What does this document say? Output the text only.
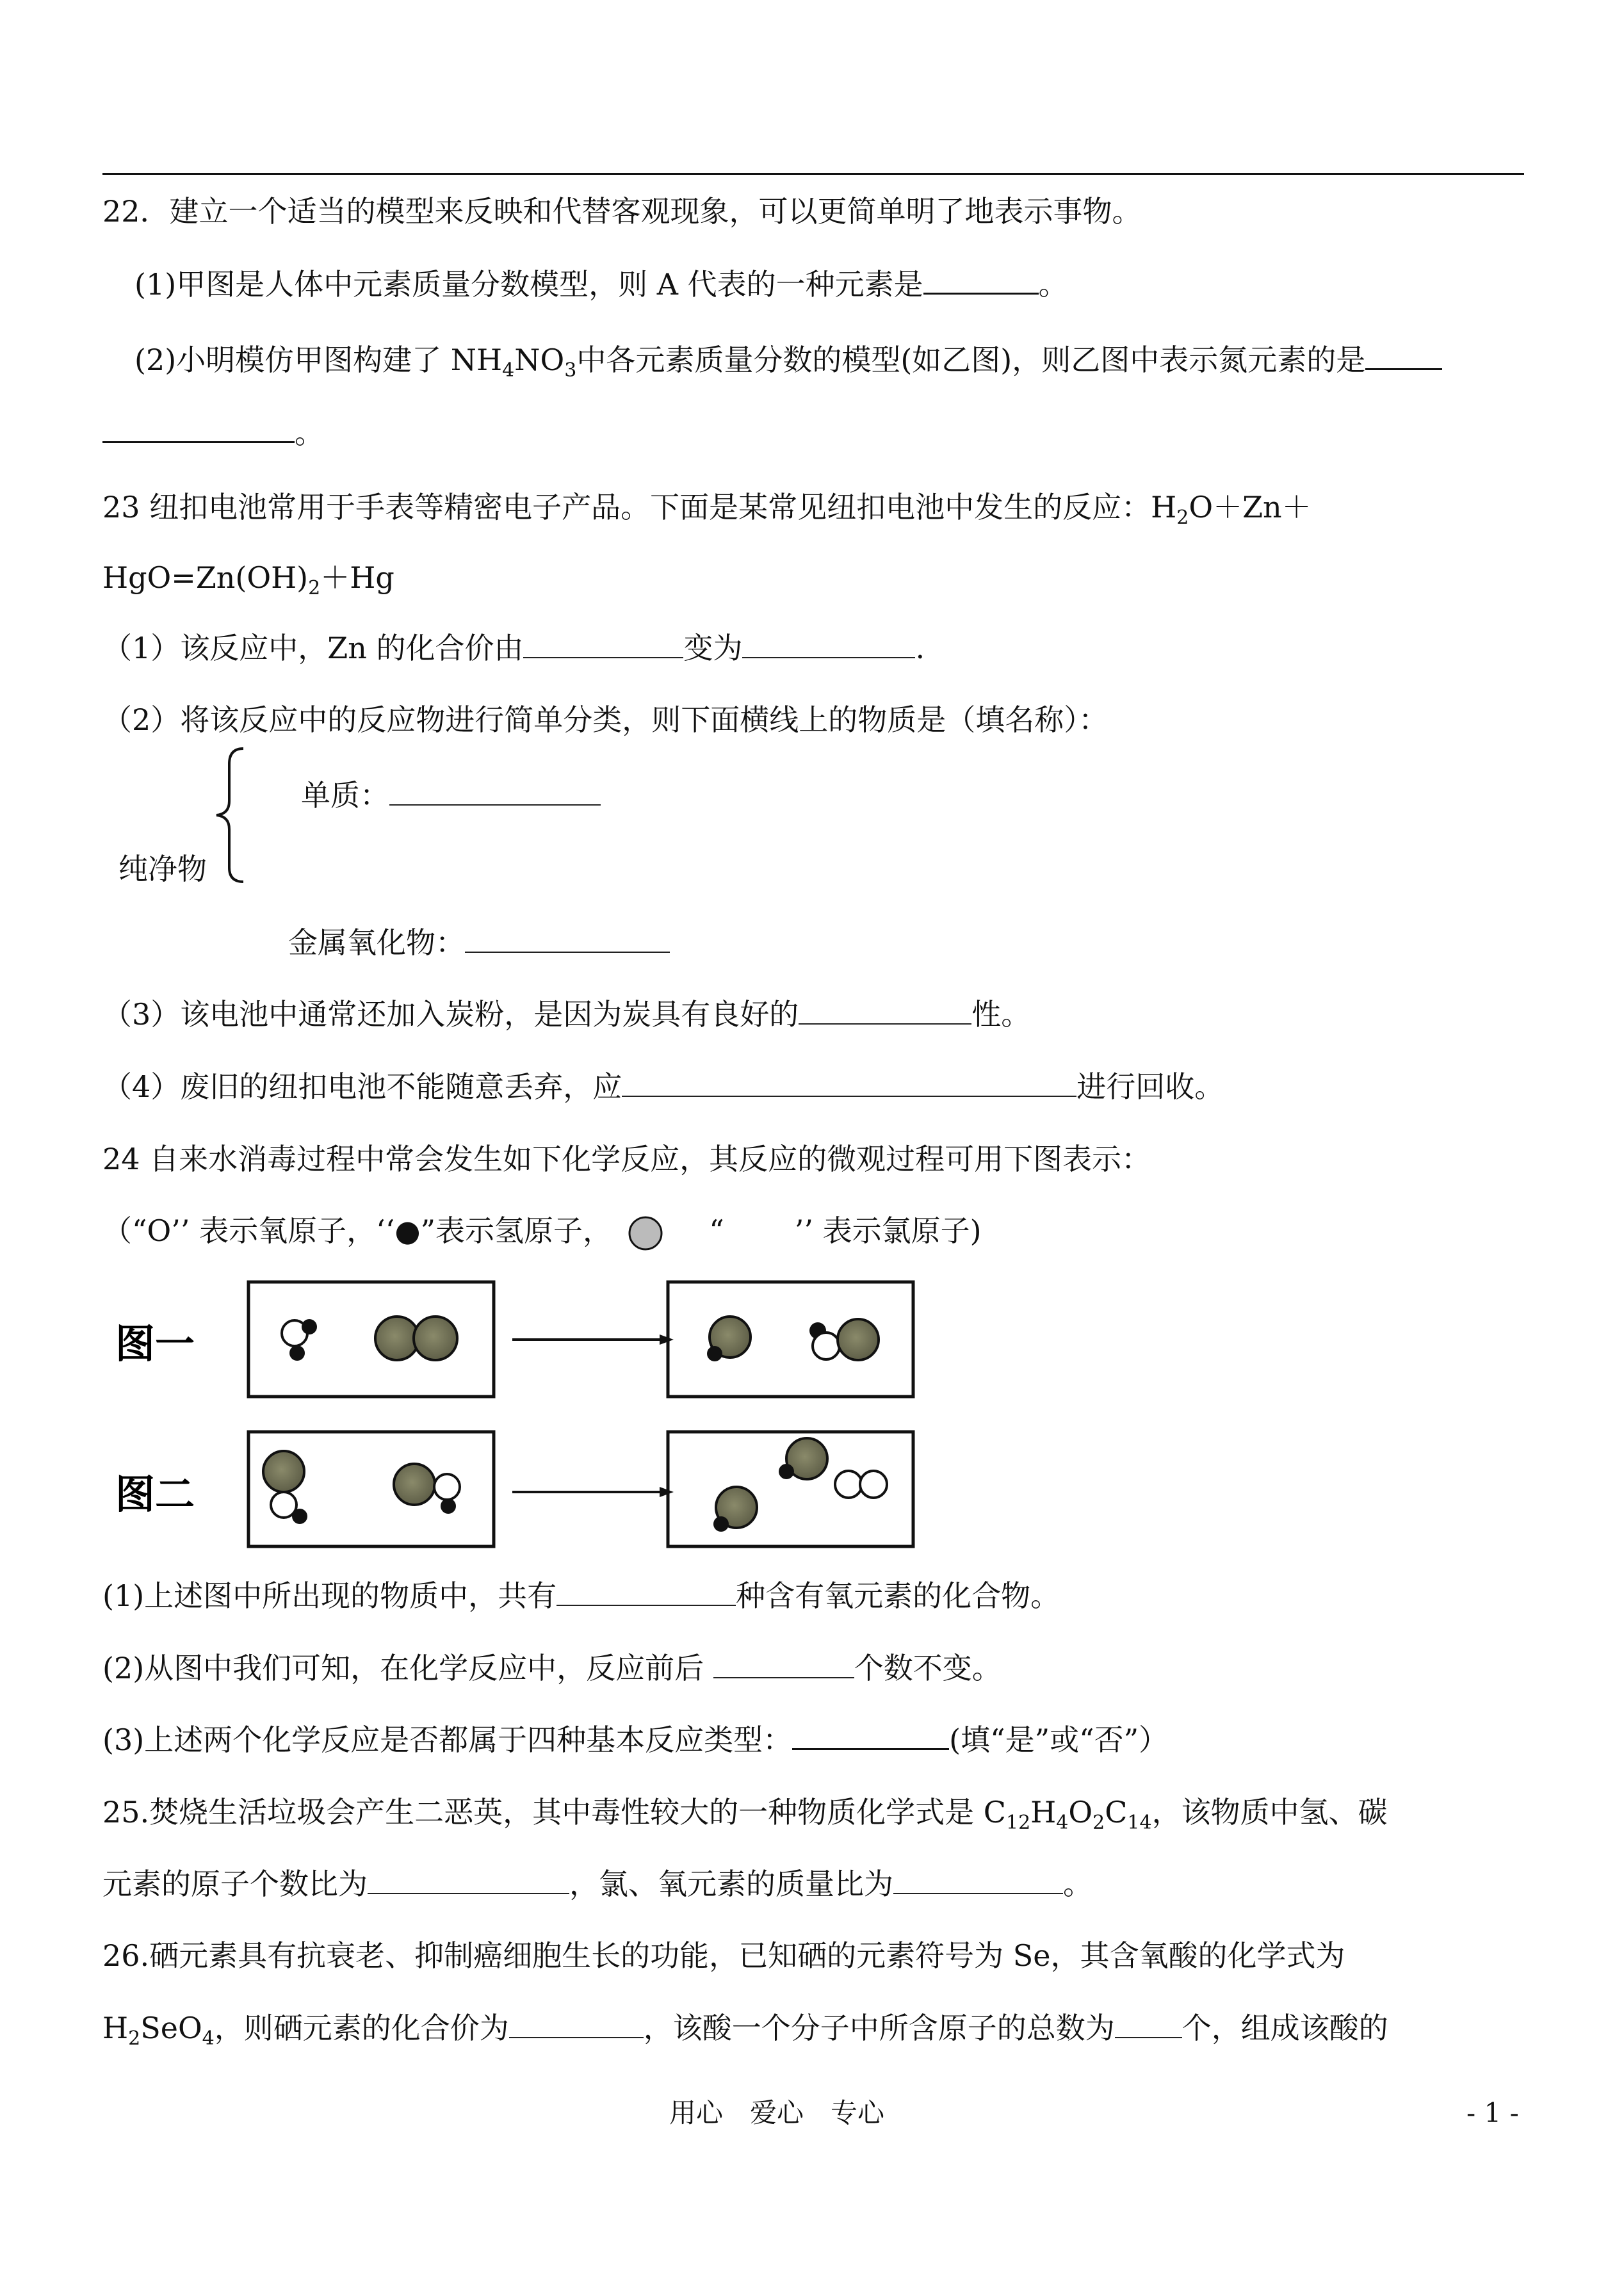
22．建立一个适当的模型来反映和代替客观现象，可以更简单明了地表示事物。
(1)甲图是人体中元素质量分数模型，则 A 代表的一种元素是	。
(2)小明模仿甲图构建了 $NH_4NO_3$中各元素质量分数的模型(如乙图)，则乙图中表示氮元素的是
。
23 纽扣电池常用于手表等精密电子产品。下面是某常见纽扣电池中发生的反应：$H_2O+Zn+$
$HgO=Zn(OH)_2+Hg$
（1）该反应中，Zn 的化合价由	变为	.
（2）将该反应中的反应物进行简单分类，则下面横线上的物质是（填名称）：
单质：
纯净物
金属氧化物：
（3）该电池中通常还加入炭粉，是因为炭具有良好的	性。
（4）废旧的纽扣电池不能随意丢弃，应	进行回收。
24 自来水消毒过程中常会发生如下化学反应，其反应的微观过程可用下图表示：
（“O’’ 表示氧原子，‘‘●”表示氢原子，	“ ’’ 表示氯原子)
图一
图二
(1)上述图中所出现的物质中，共有	种含有氧元素的化合物。
(2)从图中我们可知，在化学反应中，反应前后	个数不变。
(3)上述两个化学反应是否都属于四种基本反应类型：	(填“是”或“否”）
25.焚烧生活垃圾会产生二恶英，其中毒性较大的一种物质化学式是 $C_{12}H_4O_2C_{14}$，该物质中氢、碳
元素的原子个数比为	，氯、氧元素的质量比为	。
26.硒元素具有抗衰老、抑制癌细胞生长的功能，已知硒的元素符号为 Se，其含氧酸的化学式为
$H_2SeO_4$，则硒元素的化合价为	，该酸一个分子中所含原子的总数为 个，组成该酸的
用心　爱心　专心	- 1 -
